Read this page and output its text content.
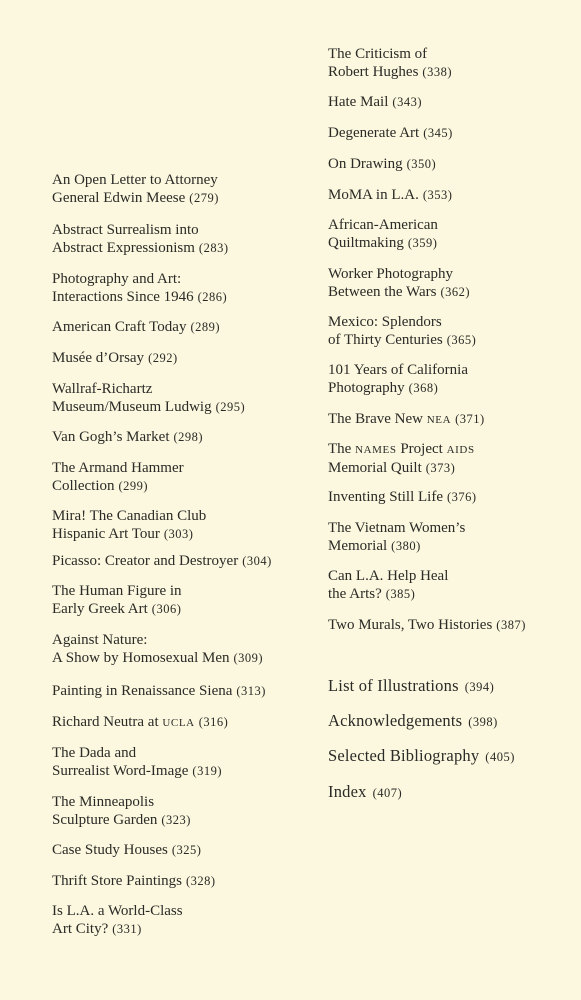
An Open Letter to Attorney
General Edwin Meese (279)
Abstract Surrealism into
Abstract Expressionism (283)
Photography and Art:
Interactions Since 1946 (286)
American Craft Today (289)
Musée d’Orsay (292)
Wallraf-Richartz
Museum/Museum Ludwig (295)
Van Gogh’s Market (298)
The Armand Hammer
Collection (299)
Mira! The Canadian Club
Hispanic Art Tour (303)
Picasso: Creator and Destroyer (304)
The Human Figure in
Early Greek Art (306)
Against Nature:
A Show by Homosexual Men (309)
Painting in Renaissance Siena (313)
Richard Neutra at UCLA (316)
The Dada and
Surrealist Word-Image (319)
The Minneapolis
Sculpture Garden (323)
Case Study Houses (325)
Thrift Store Paintings (328)
Is L.A. a World-Class
Art City? (331)
The Criticism of
Robert Hughes (338)
Hate Mail (343)
Degenerate Art (345)
On Drawing (350)
MoMA in L.A. (353)
African-American
Quiltmaking (359)
Worker Photography
Between the Wars (362)
Mexico: Splendors
of Thirty Centuries (365)
101 Years of California
Photography (368)
The Brave New NEA (371)
The NAMES Project AIDS
Memorial Quilt (373)
Inventing Still Life (376)
The Vietnam Women’s
Memorial (380)
Can L.A. Help Heal
the Arts? (385)
Two Murals, Two Histories (387)
List of Illustrations (394)
Acknowledgements (398)
Selected Bibliography (405)
Index (407)
